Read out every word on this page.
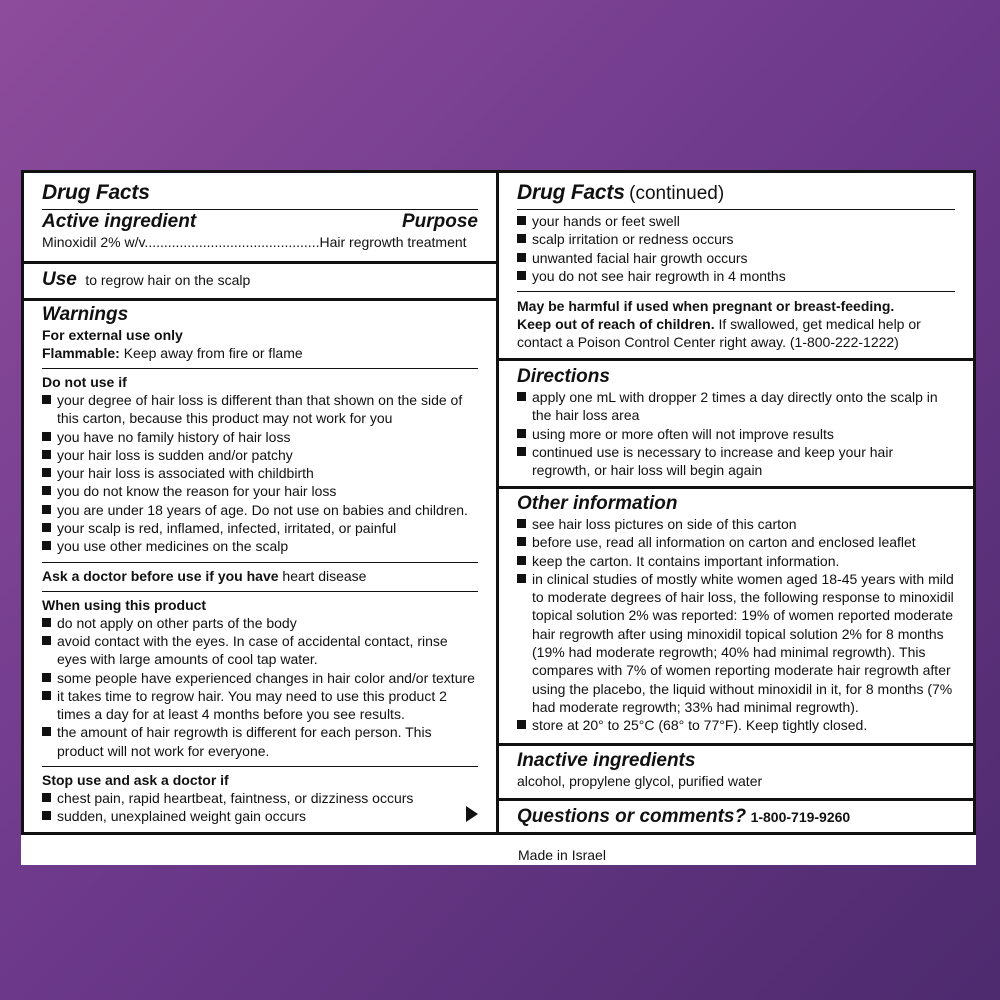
Drug Facts
Active ingredient	Purpose
Minoxidil 2% w/v.............................................Hair regrowth treatment
Use to regrow hair on the scalp
Warnings
For external use only
Flammable: Keep away from fire or flame
Do not use if
your degree of hair loss is different than that shown on the side of this carton, because this product may not work for you
you have no family history of hair loss
your hair loss is sudden and/or patchy
your hair loss is associated with childbirth
you do not know the reason for your hair loss
you are under 18 years of age. Do not use on babies and children.
your scalp is red, inflamed, infected, irritated, or painful
you use other medicines on the scalp
Ask a doctor before use if you have heart disease
When using this product
do not apply on other parts of the body
avoid contact with the eyes. In case of accidental contact, rinse eyes with large amounts of cool tap water.
some people have experienced changes in hair color and/or texture
it takes time to regrow hair. You may need to use this product 2 times a day for at least 4 months before you see results.
the amount of hair regrowth is different for each person. This product will not work for everyone.
Stop use and ask a doctor if
chest pain, rapid heartbeat, faintness, or dizziness occurs
sudden, unexplained weight gain occurs
Drug Facts (continued)
your hands or feet swell
scalp irritation or redness occurs
unwanted facial hair growth occurs
you do not see hair regrowth in 4 months
May be harmful if used when pregnant or breast-feeding.
Keep out of reach of children. If swallowed, get medical help or contact a Poison Control Center right away. (1-800-222-1222)
Directions
apply one mL with dropper 2 times a day directly onto the scalp in the hair loss area
using more or more often will not improve results
continued use is necessary to increase and keep your hair regrowth, or hair loss will begin again
Other information
see hair loss pictures on side of this carton
before use, read all information on carton and enclosed leaflet
keep the carton. It contains important information.
in clinical studies of mostly white women aged 18-45 years with mild to moderate degrees of hair loss, the following response to minoxidil topical solution 2% was reported: 19% of women reported moderate hair regrowth after using minoxidil topical solution 2% for 8 months (19% had moderate regrowth; 40% had minimal regrowth). This compares with 7% of women reporting moderate hair regrowth after using the placebo, the liquid without minoxidil in it, for 8 months (7% had moderate regrowth; 33% had minimal regrowth).
store at 20° to 25°C (68° to 77°F). Keep tightly closed.
Inactive ingredients
alcohol, propylene glycol, purified water
Questions or comments? 1-800-719-9260
Made in Israel
